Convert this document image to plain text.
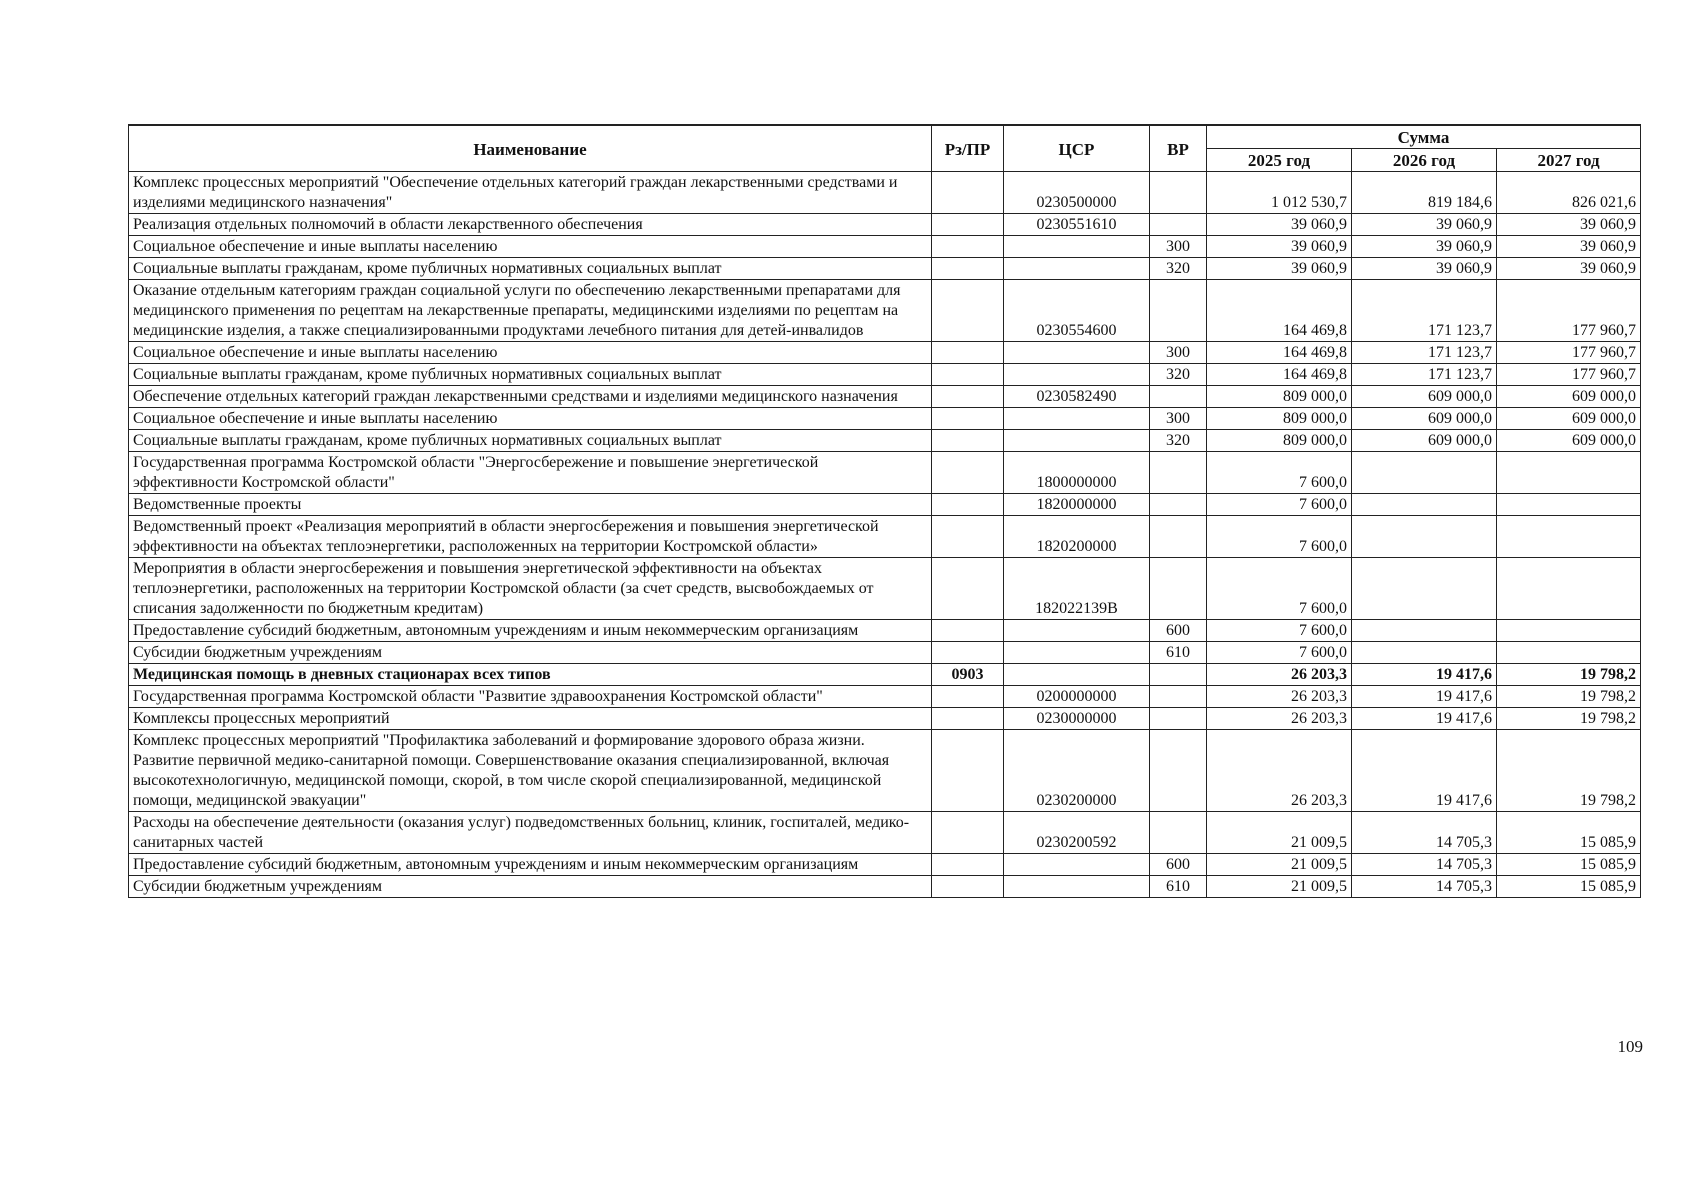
Наименование	Рз/ПР	ЦСР	ВР	Сумма		
				2025 год	2026 год	2027 год
Комплекс процессных мероприятий "Обеспечение отдельных категорий граждан лекарственными средствами и изделиями медицинского назначения"		0230500000		1 012 530,7	819 184,6	826 021,6
Реализация отдельных полномочий в области лекарственного обеспечения		0230551610		39 060,9	39 060,9	39 060,9
Социальное обеспечение и иные выплаты населению			300	39 060,9	39 060,9	39 060,9
Социальные выплаты гражданам, кроме публичных нормативных социальных выплат			320	39 060,9	39 060,9	39 060,9
Оказание отдельным категориям граждан социальной услуги по обеспечению лекарственными препаратами для медицинского применения по рецептам на лекарственные препараты, медицинскими изделиями по рецептам на медицинские изделия, а также специализированными продуктами лечебного питания для детей-инвалидов		0230554600		164 469,8	171 123,7	177 960,7
Социальное обеспечение и иные выплаты населению			300	164 469,8	171 123,7	177 960,7
Социальные выплаты гражданам, кроме публичных нормативных социальных выплат			320	164 469,8	171 123,7	177 960,7
Обеспечение отдельных категорий граждан лекарственными средствами и изделиями медицинского назначения		0230582490		809 000,0	609 000,0	609 000,0
Социальное обеспечение и иные выплаты населению			300	809 000,0	609 000,0	609 000,0
Социальные выплаты гражданам, кроме публичных нормативных социальных выплат			320	809 000,0	609 000,0	609 000,0
Государственная программа Костромской области "Энергосбережение и повышение энергетической эффективности Костромской области"		1800000000		7 600,0		
Ведомственные проекты		1820000000		7 600,0		
Ведомственный проект «Реализация мероприятий в области энергосбережения и повышения энергетической эффективности на объектах теплоэнергетики, расположенных на территории Костромской области»		1820200000		7 600,0		
Мероприятия в области энергосбережения и повышения энергетической эффективности на объектах теплоэнергетики, расположенных на территории Костромской области (за счет средств, высвобождаемых от списания задолженности по бюджетным кредитам)		182022139В		7 600,0		
Предоставление субсидий бюджетным, автономным учреждениям и иным некоммерческим организациям			600	7 600,0		
Субсидии бюджетным учреждениям			610	7 600,0		
Медицинская помощь в дневных стационарах всех типов	0903			26 203,3	19 417,6	19 798,2
Государственная программа Костромской области "Развитие здравоохранения Костромской области"		0200000000		26 203,3	19 417,6	19 798,2
Комплексы процессных мероприятий		0230000000		26 203,3	19 417,6	19 798,2
Комплекс процессных мероприятий "Профилактика заболеваний и формирование здорового образа жизни. Развитие первичной медико-санитарной помощи. Совершенствование оказания специализированной, включая высокотехнологичную, медицинской помощи, скорой, в том числе скорой специализированной, медицинской помощи, медицинской эвакуации"		0230200000		26 203,3	19 417,6	19 798,2
Расходы на обеспечение деятельности (оказания услуг) подведомственных больниц, клиник, госпиталей, медико-санитарных частей		0230200592		21 009,5	14 705,3	15 085,9
Предоставление субсидий бюджетным, автономным учреждениям и иным некоммерческим организациям			600	21 009,5	14 705,3	15 085,9
Субсидии бюджетным учреждениям			610	21 009,5	14 705,3	15 085,9
109
